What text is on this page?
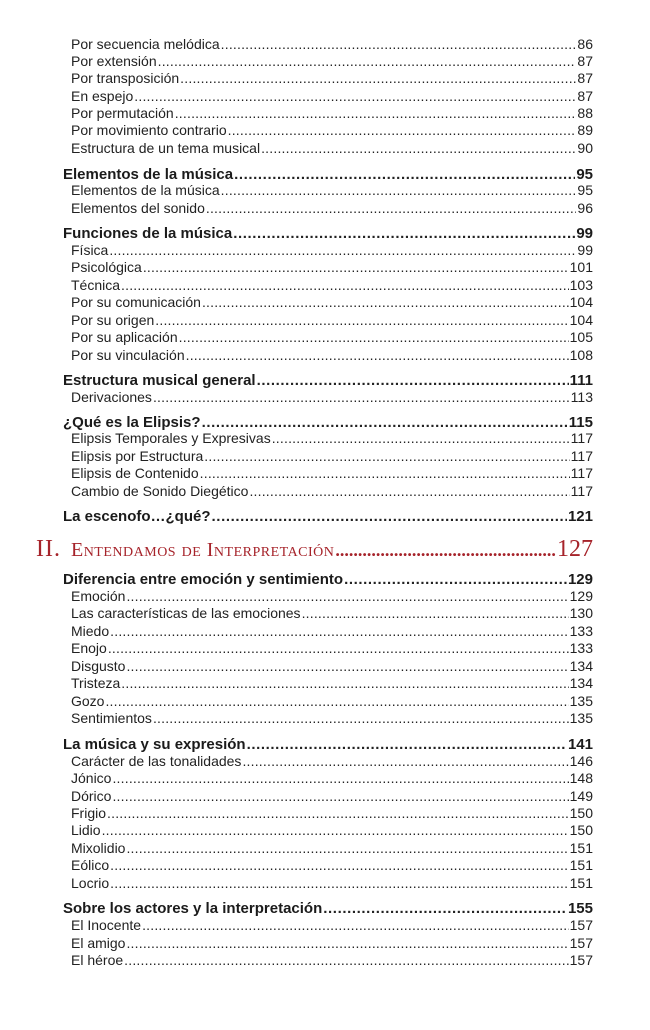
Por secuencia melódica .....	86
Por extensión .....	87
Por transposición .....	87
En espejo .....	87
Por permutación .....	88
Por movimiento contrario .....	89
Estructura de un tema musical .....	90
Elementos de la música .....	95
Elementos de la música .....	95
Elementos del sonido .....	96
Funciones de la música .....	99
Física .....	99
Psicológica .....	101
Técnica .....	103
Por su comunicación .....	104
Por su origen .....	104
Por su aplicación .....	105
Por su vinculación .....	108
Estructura musical general .....	111
Derivaciones .....	113
¿Qué es la Elipsis? .....	115
Elipsis Temporales y Expresivas .....	117
Elipsis por Estructura .....	117
Elipsis de Contenido .....	117
Cambio de Sonido Diegético .....	117
La escenofo…¿qué? .....	121
II. Entendamos de Interpretación .....	127
Diferencia entre emoción y sentimiento .....	129
Emoción .....	129
Las características de las emociones .....	130
Miedo .....	133
Enojo .....	133
Disgusto .....	134
Tristeza .....	134
Gozo .....	135
Sentimientos .....	135
La música y su expresión .....	141
Carácter de las tonalidades .....	146
Jónico .....	148
Dórico .....	149
Frigio .....	150
Lidio .....	150
Mixolidio .....	151
Eólico .....	151
Locrio .....	151
Sobre los actores y la interpretación .....	155
El Inocente .....	157
El amigo .....	157
El héroe .....	157
